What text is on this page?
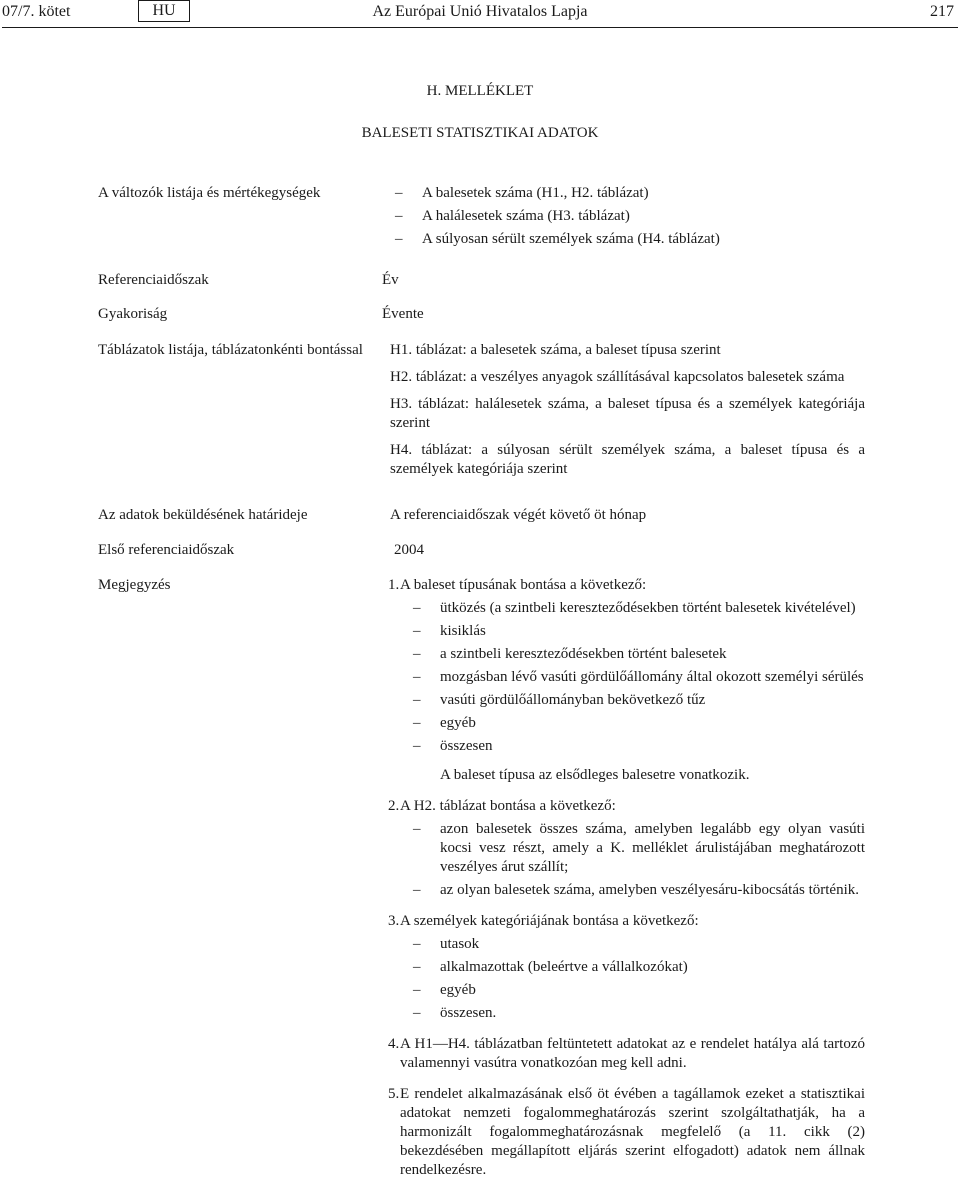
07/7. kötet	HU	Az Európai Unió Hivatalos Lapja	217
H. MELLÉKLET
BALESETI STATISZTIKAI ADATOK
A változók listája és mértékegységek
–	A balesetek száma (H1., H2. táblázat)
– A halálesetek száma (H3. táblázat)
– A súlyosan sérült személyek száma (H4. táblázat)
Referenciaidőszak	Év
Gyakoriság	Évente
Táblázatok listája, táblázatonkénti bontással H1. táblázat: a balesetek száma, a baleset típusa szerint
H2. táblázat: a veszélyes anyagok szállításával kapcsolatos balesetek száma
H3. táblázat: halálesetek száma, a baleset típusa és a személyek kategóriája szerint
H4. táblázat: a súlyosan sérült személyek száma, a baleset típusa és a személyek kategóriája szerint
Az adatok beküldésének határideje	A referenciaidőszak végét követő öt hónap
Első referenciaidőszak	2004
Megjegyzés	1. A baleset típusának bontása a következő:
– ütközés (a szintbeli kereszteződésekben történt balesetek kivételével)
– kisiklás
– a szintbeli kereszteződésekben történt balesetek
– mozgásban lévő vasúti gördülőállomány által okozott személyi sérülés
– vasúti gördülőállományban bekövetkező tűz
– egyéb
– összesen
A baleset típusa az elsődleges balesetre vonatkozik.
2. A H2. táblázat bontása a következő:
– azon balesetek összes száma, amelyben legalább egy olyan vasúti kocsi vesz részt, amely a K. melléklet árulistájában meghatározott veszélyes árut szállít;
– az olyan balesetek száma, amelyben veszélyesáru-kibocsátás történik.
3. A személyek kategóriájának bontása a következő:
– utasok
– alkalmazottak (beleértve a vállalkozókat)
– egyéb
– összesen.
4. A H1—H4. táblázatban feltüntetett adatokat az e rendelet hatálya alá tartozó valamennyi vasútra vonatkozóan meg kell adni.
5. E rendelet alkalmazásának első öt évében a tagállamok ezeket a statisztikai adatokat nemzeti fogalommeghatározás szerint szolgáltathatják, ha a harmonizált fogalommeghatározásnak megfelelő (a 11. cikk (2) bekezdésében megállapított eljárás szerint elfogadott) adatok nem állnak rendelkezésre.
